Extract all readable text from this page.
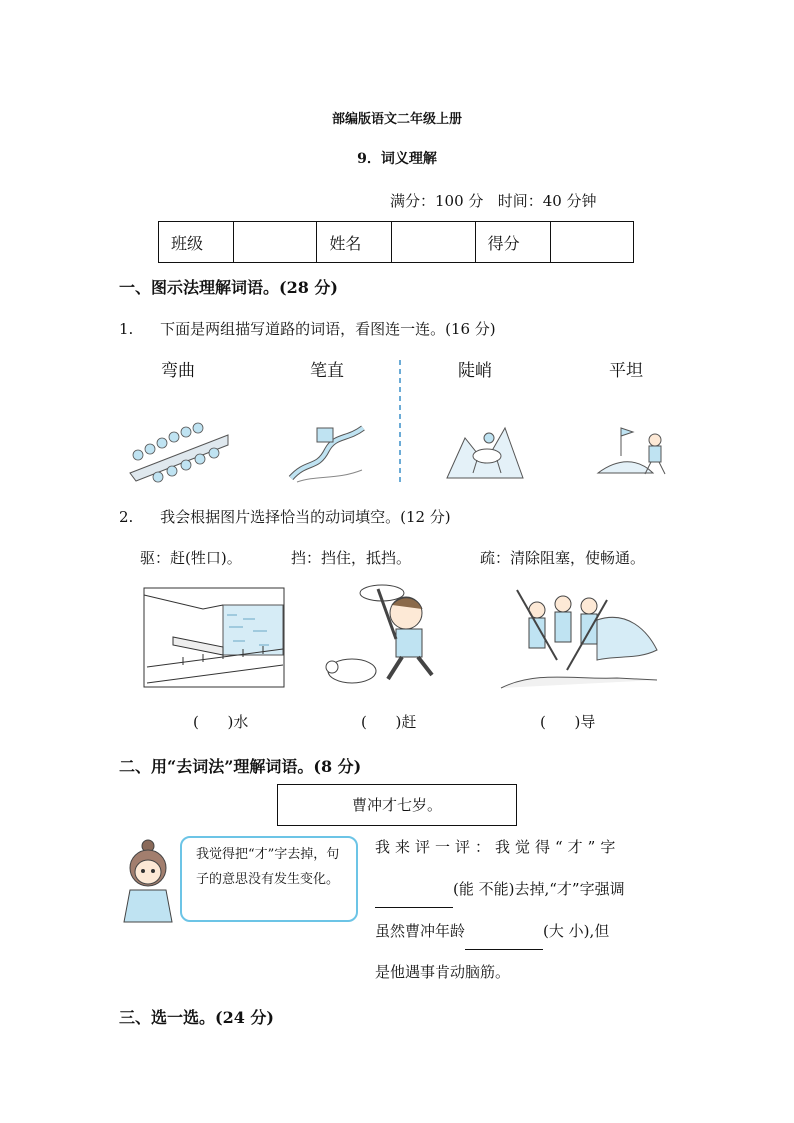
部编版语文二年级上册
9．词义理解
满分：100 分   时间：40 分钟
班级		姓名		得分	
一、图示法理解词语。(28 分)
1. 下面是两组描写道路的词语，看图连一连。(16 分)
弯曲	笔直	陡峭	平坦
2. 我会根据图片选择恰当的动词填空。(12 分)
驱：赶(牲口)。	挡：挡住，抵挡。	疏：清除阻塞，使畅通。
(      )水	(      )赶	(      )导
二、用“去词法”理解词语。(8 分)
曹冲才七岁。
我觉得把“才”字去掉，句子的意思没有发生变化。
我来评一评：我觉得“才”字
(能 不能)去掉,“才”字强调
虽然曹冲年龄	(大 小),但
是他遇事肯动脑筋。
三、选一选。(24 分)
